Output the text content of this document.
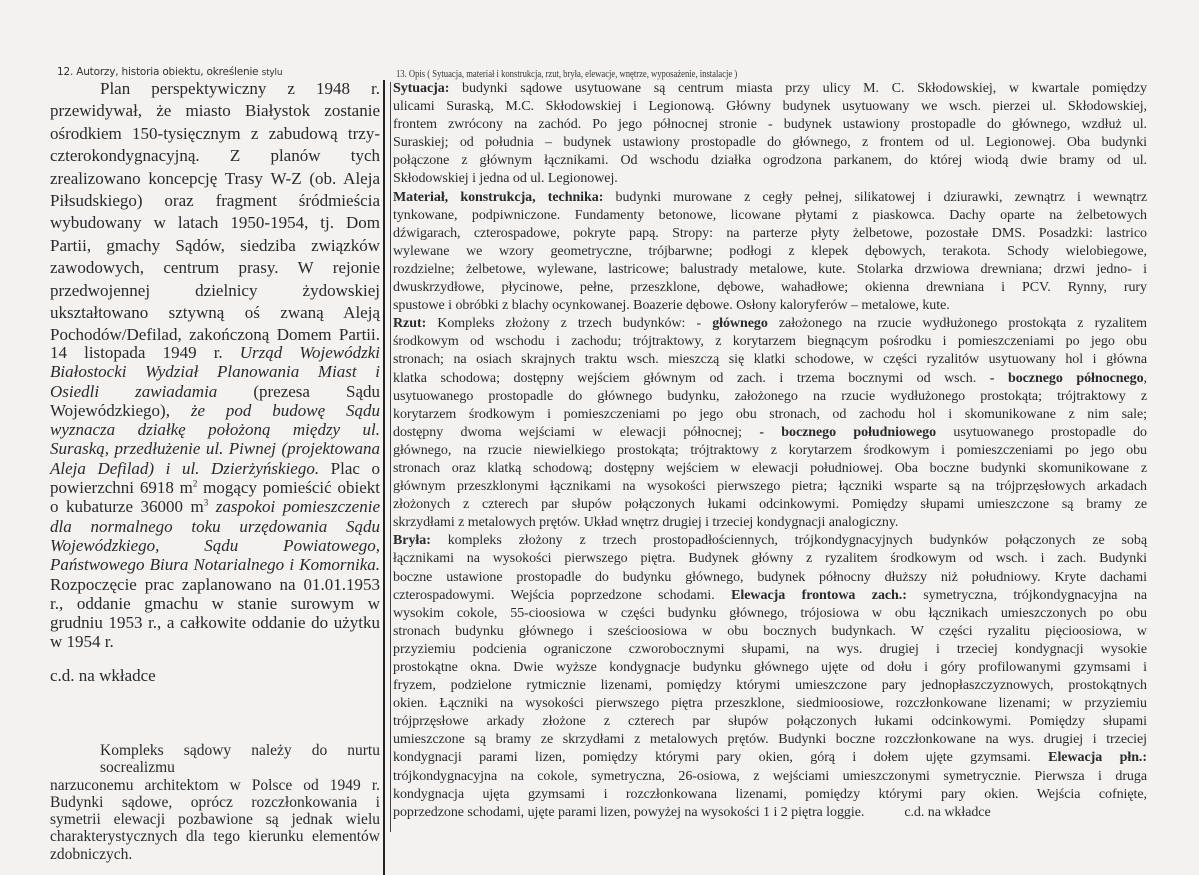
12. Autorzy, historia obiektu, określenie stylu	13. Opis ( Sytuacja, materiał i konstrukcja, rzut, bryła, elewacje, wnętrze, wyposażenie, instalacje )
Plan perspektywiczny z 1948 r.
przewidywał, że miasto Białystok zostanie
ośrodkiem 150-tysięcznym z zabudową trzy-
czterokondygnacyjną. Z planów tych
zrealizowano koncepcję Trasy W-Z (ob. Aleja
Piłsudskiego) oraz fragment śródmieścia
wybudowany w latach 1950-1954, tj. Dom
Partii, gmachy Sądów, siedziba związków
zawodowych, centrum prasy. W rejonie
przedwojennej dzielnicy żydowskiej
ukształtowano sztywną oś zwaną Aleją
Pochodów/Defilad, zakończoną Domem Partii.
14 listopada 1949 r. Urząd Wojewódzki
Białostocki Wydział Planowania Miast i
Osiedli zawiadamia (prezesa Sądu
Wojewódzkiego), że pod budowę Sądu
wyznacza działkę położoną między ul.
Suraską, przedłużenie ul. Piwnej (projektowana
Aleja Defilad) i ul. Dzierżyńskiego. Plac o
powierzchni 6918 $m^2$ mogący pomieścić obiekt
o kubaturze 36000 $m^3$ zaspokoi pomieszczenie
dla normalnego toku urzędowania Sądu
Wojewódzkiego, Sądu Powiatowego,
Państwowego Biura Notarialnego i Komornika.
Rozpoczęcie prac zaplanowano na 01.01.1953
r., oddanie gmachu w stanie surowym w
grudniu 1953 r., a całkowite oddanie do użytku
w 1954 r.
c.d. na wkładce
Kompleks sądowy należy do nurtu socrealizmu
narzuconemu architektom w Polsce od 1949 r.
Budynki sądowe, oprócz rozczłonkowania i
symetrii elewacji pozbawione są jednak wielu
charakterystycznych dla tego kierunku elementów
zdobniczych.
Sytuacja: budynki sądowe usytuowane są centrum miasta przy ulicy M. C. Skłodowskiej, w kwartale pomiędzy
ulicami Suraską, M.C. Skłodowskiej i Legionową. Główny budynek usytuowany we wsch. pierzei ul. Skłodowskiej,
frontem zwrócony na zachód. Po jego północnej stronie - budynek ustawiony prostopadle do głównego, wzdłuż ul.
Suraskiej; od południa – budynek ustawiony prostopadle do głównego, z frontem od ul. Legionowej. Oba budynki
połączone z głównym łącznikami. Od wschodu działka ogrodzona parkanem, do której wiodą dwie bramy od ul.
Skłodowskiej i jedna od ul. Legionowej.
Materiał, konstrukcja, technika: budynki murowane z cegły pełnej, silikatowej i dziurawki, zewnątrz i wewnątrz
tynkowane, podpiwniczone. Fundamenty betonowe, licowane płytami z piaskowca. Dachy oparte na żelbetowych
dźwigarach, czterospadowe, pokryte papą. Stropy: na parterze płyty żelbetowe, pozostałe DMS. Posadzki: lastrico
wylewane we wzory geometryczne, trójbarwne; podłogi z klepek dębowych, terakota. Schody wielobiegowe,
rozdzielne; żelbetowe, wylewane, lastricowe; balustrady metalowe, kute. Stolarka drzwiowa drewniana; drzwi jedno- i
dwuskrzydłowe, płycinowe, pełne, przeszklone, dębowe, wahadłowe; okienna drewniana i PCV. Rynny, rury
spustowe i obróbki z blachy ocynkowanej. Boazerie dębowe. Osłony kaloryferów – metalowe, kute.
Rzut: Kompleks złożony z trzech budynków: - głównego założonego na rzucie wydłużonego prostokąta z ryzalitem
środkowym od wschodu i zachodu; trójtraktowy, z korytarzem biegnącym pośrodku i pomieszczeniami po jego obu
stronach; na osiach skrajnych traktu wsch. mieszczą się klatki schodowe, w części ryzalitów usytuowany hol i główna
klatka schodowa; dostępny wejściem głównym od zach. i trzema bocznymi od wsch. - bocznego północnego,
usytuowanego prostopadle do głównego budynku, założonego na rzucie wydłużonego prostokąta; trójtraktowy z
korytarzem środkowym i pomieszczeniami po jego obu stronach, od zachodu hol i skomunikowane z nim sale;
dostępny dwoma wejściami w elewacji północnej; - bocznego południowego usytuowanego prostopadle do
głównego, na rzucie niewielkiego prostokąta; trójtraktowy z korytarzem środkowym i pomieszczeniami po jego obu
stronach oraz klatką schodową; dostępny wejściem w elewacji południowej. Oba boczne budynki skomunikowane z
głównym przeszklonymi łącznikami na wysokości pierwszego pietra; łączniki wsparte są na trójprzęsłowych arkadach
złożonych z czterech par słupów połączonych łukami odcinkowymi. Pomiędzy słupami umieszczone są bramy ze
skrzydłami z metalowych prętów. Układ wnętrz drugiej i trzeciej kondygnacji analogiczny.
Bryła: kompleks złożony z trzech prostopadłościennych, trójkondygnacyjnych budynków połączonych ze sobą
łącznikami na wysokości pierwszego piętra. Budynek główny z ryzalitem środkowym od wsch. i zach. Budynki
boczne ustawione prostopadle do budynku głównego, budynek północny dłuższy niż południowy. Kryte dachami
czterospadowymi. Wejścia poprzedzone schodami. Elewacja frontowa zach.: symetryczna, trójkondygnacyjna na
wysokim cokole, 55-cioosiowa w części budynku głównego, trójosiowa w obu łącznikach umieszczonych po obu
stronach budynku głównego i sześcioosiowa w obu bocznych budynkach. W części ryzalitu pięcioosiowa, w
przyziemiu podcienia ograniczone czworobocznymi słupami, na wys. drugiej i trzeciej kondygnacji wysokie
prostokątne okna. Dwie wyższe kondygnacje budynku głównego ujęte od dołu i góry profilowanymi gzymsami i
fryzem, podzielone rytmicznie lizenami, pomiędzy którymi umieszczone pary jednopłaszczyznowych, prostokątnych
okien. Łączniki na wysokości pierwszego piętra przeszklone, siedmioosiowe, rozczłonkowane lizenami; w przyziemiu
trójprzęsłowe arkady złożone z czterech par słupów połączonych łukami odcinkowymi. Pomiędzy słupami
umieszczone są bramy ze skrzydłami z metalowych prętów. Budynki boczne rozczłonkowane na wys. drugiej i trzeciej
kondygnacji parami lizen, pomiędzy którymi pary okien, górą i dołem ujęte gzymsami. Elewacja płn.:
trójkondygnacyjna na cokole, symetryczna, 26-osiowa, z wejściami umieszczonymi symetrycznie. Pierwsza i druga
kondygnacja ujęta gzymsami i rozczłonkowana lizenami, pomiędzy którymi pary okien. Wejścia cofnięte,
poprzedzone schodami, ujęte parami lizen, powyżej na wysokości 1 i 2 piętra loggie.	c.d. na wkładce
